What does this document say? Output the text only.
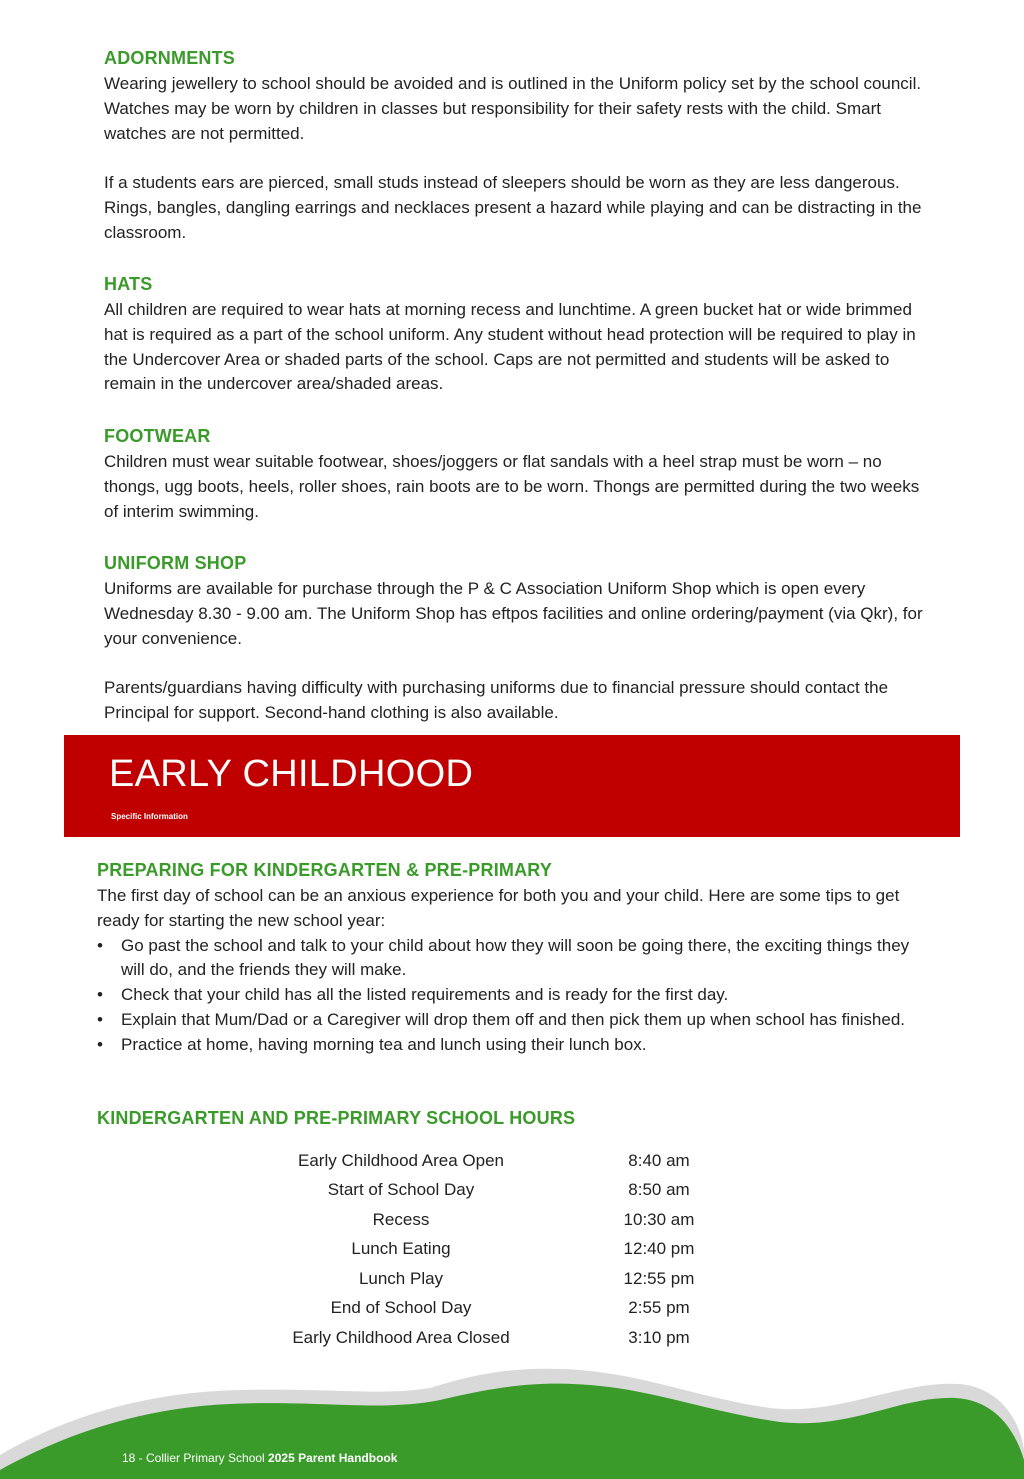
ADORNMENTS

Wearing jewellery to school should be avoided and is outlined in the Uniform policy set by the school council. Watches may be worn by children in classes but responsibility for their safety rests with the child. Smart watches are not permitted.

If a students ears are pierced, small studs instead of sleepers should be worn as they are less dangerous. Rings, bangles, dangling earrings and necklaces present a hazard while playing and can be distracting in the classroom.

HATS

All children are required to wear hats at morning recess and lunchtime. A green bucket hat or wide brimmed hat is required as a part of the school uniform. Any student without head protection will be required to play in the Undercover Area or shaded parts of the school. Caps are not permitted and students will be asked to remain in the undercover area/shaded areas.

FOOTWEAR

Children must wear suitable footwear, shoes/joggers or flat sandals with a heel strap must be worn – no thongs, ugg boots, heels, roller shoes, rain boots are to be worn. Thongs are permitted during the two weeks of interim swimming.

UNIFORM SHOP

Uniforms are available for purchase through the P & C Association Uniform Shop which is open every Wednesday 8.30 - 9.00 am. The Uniform Shop has eftpos facilities and online ordering/payment (via Qkr), for your convenience.

Parents/guardians having difficulty with purchasing uniforms due to financial pressure should contact the Principal for support. Second-hand clothing is also available.

EARLY CHILDHOOD
Specific Information
PREPARING FOR KINDERGARTEN & PRE-PRIMARY

The first day of school can be an anxious experience for both you and your child. Here are some tips to get ready for starting the new school year:

• Go past the school and talk to your child about how they will soon be going there, the exciting things they will do, and the friends they will make.
• Check that your child has all the listed requirements and is ready for the first day.
• Explain that Mum/Dad or a Caregiver will drop them off and then pick them up when school has finished.
• Practice at home, having morning tea and lunch using their lunch box.
KINDERGARTEN AND PRE-PRIMARY SCHOOL HOURS
Early Childhood Area Open	8:40 am
Start of School Day	8:50 am
Recess	10:30 am
Lunch Eating	12:40 pm
Lunch Play	12:55 pm
End of School Day	2:55 pm
Early Childhood Area Closed	3:10 pm
18 - Collier Primary School 2025 Parent Handbook
